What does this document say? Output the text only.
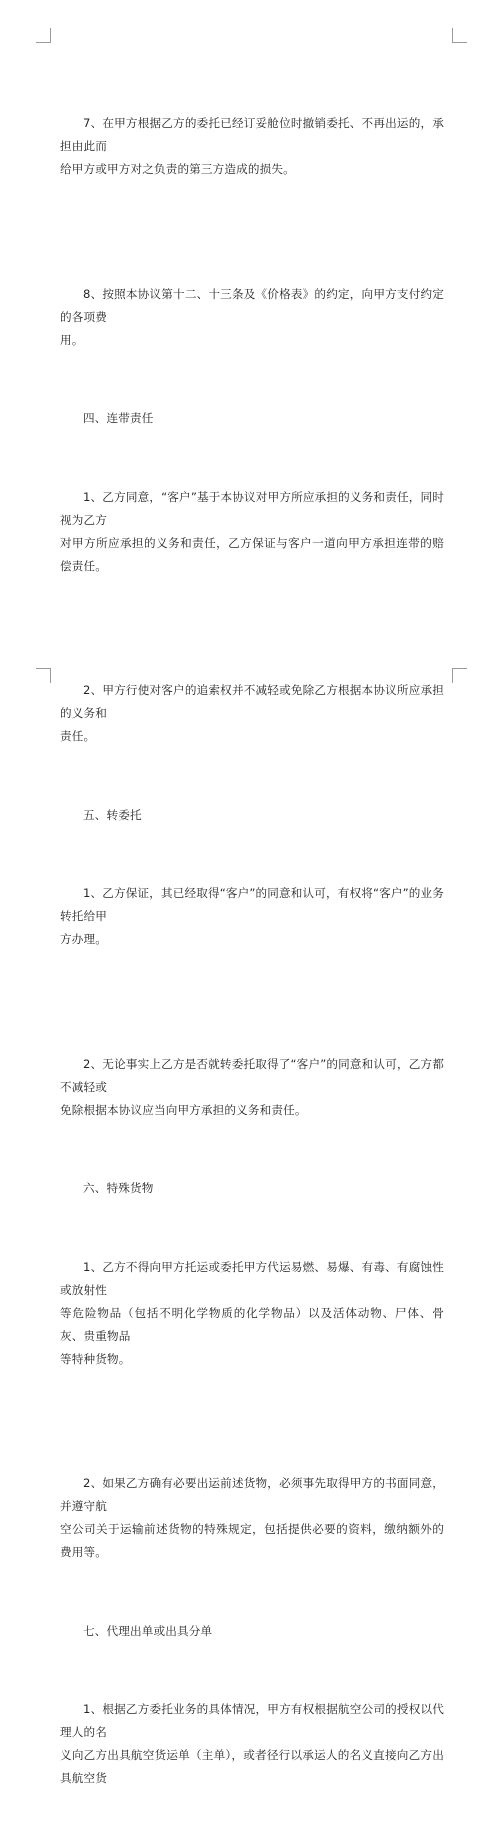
7、在甲方根据乙方的委托已经订妥舱位时撤销委托、不再出运的，承担由此而
给甲方或甲方对之负责的第三方造成的损失。

8、按照本协议第十二、十三条及《价格表》的约定，向甲方支付约定的各项费
用。

四、连带责任

1、乙方同意，“客户”基于本协议对甲方所应承担的义务和责任，同时视为乙方
对甲方所应承担的义务和责任，乙方保证与客户一道向甲方承担连带的赔偿责任。

2、甲方行使对客户的追索权并不减轻或免除乙方根据本协议所应承担的义务和
责任。

五、转委托

1、乙方保证，其已经取得“客户”的同意和认可，有权将“客户”的业务转托给甲
方办理。

2、无论事实上乙方是否就转委托取得了“客户”的同意和认可，乙方都不减轻或
免除根据本协议应当向甲方承担的义务和责任。

六、特殊货物

1、乙方不得向甲方托运或委托甲方代运易燃、易爆、有毒、有腐蚀性或放射性
等危险物品（包括不明化学物质的化学物品）以及活体动物、尸体、骨灰、贵重物品
等特种货物。

2、如果乙方确有必要出运前述货物，必须事先取得甲方的书面同意，并遵守航
空公司关于运输前述货物的特殊规定，包括提供必要的资料，缴纳额外的费用等。

七、代理出单或出具分单

1、根据乙方委托业务的具体情况，甲方有权根据航空公司的授权以代理人的名
义向乙方出具航空货运单（主单），或者径行以承运人的名义直接向乙方出具航空货
